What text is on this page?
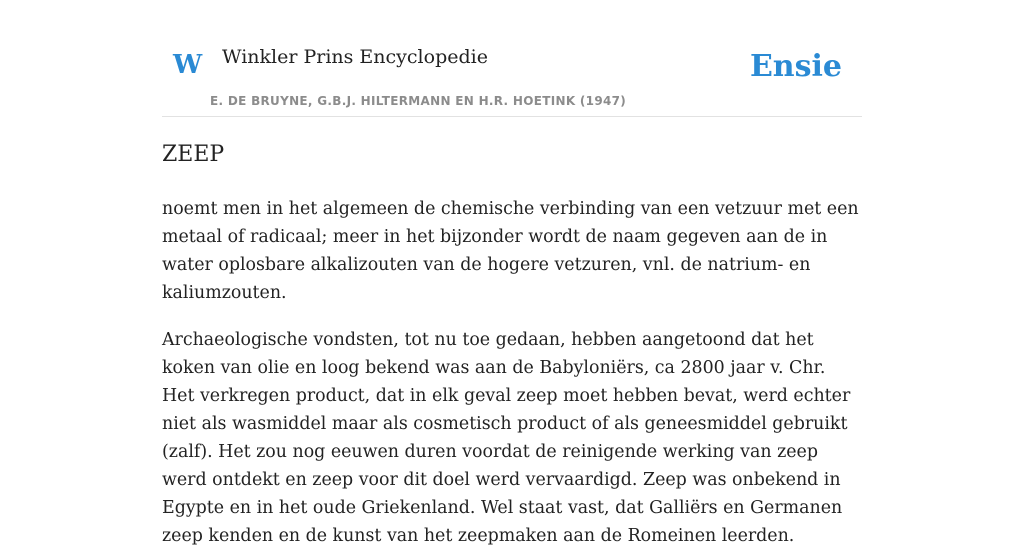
W Winkler Prins Encyclopedie
E. DE BRUYNE, G.B.J. HILTERMANN EN H.R. HOETINK (1947)
Ensie
ZEEP

noemt men in het algemeen de chemische verbinding van een vetzuur met een metaal of radicaal; meer in het bijzonder wordt de naam gegeven aan de in water oplosbare alkalizouten van de hogere vetzuren, vnl. de natrium- en kaliumzouten.

Archaeologische vondsten, tot nu toe gedaan, hebben aangetoond dat het koken van olie en loog bekend was aan de Babyloniërs, ca 2800 jaar v. Chr. Het verkregen product, dat in elk geval zeep moet hebben bevat, werd echter niet als wasmiddel maar als cosmetisch product of als geneesmiddel gebruikt (zalf). Het zou nog eeuwen duren voordat de reinigende werking van zeep werd ontdekt en zeep voor dit doel werd vervaardigd. Zeep was onbekend in Egypte en in het oude Griekenland. Wel staat vast, dat Galliërs en Germanen zeep kenden en de kunst van het zeepmaken aan de Romeinen leerden.
